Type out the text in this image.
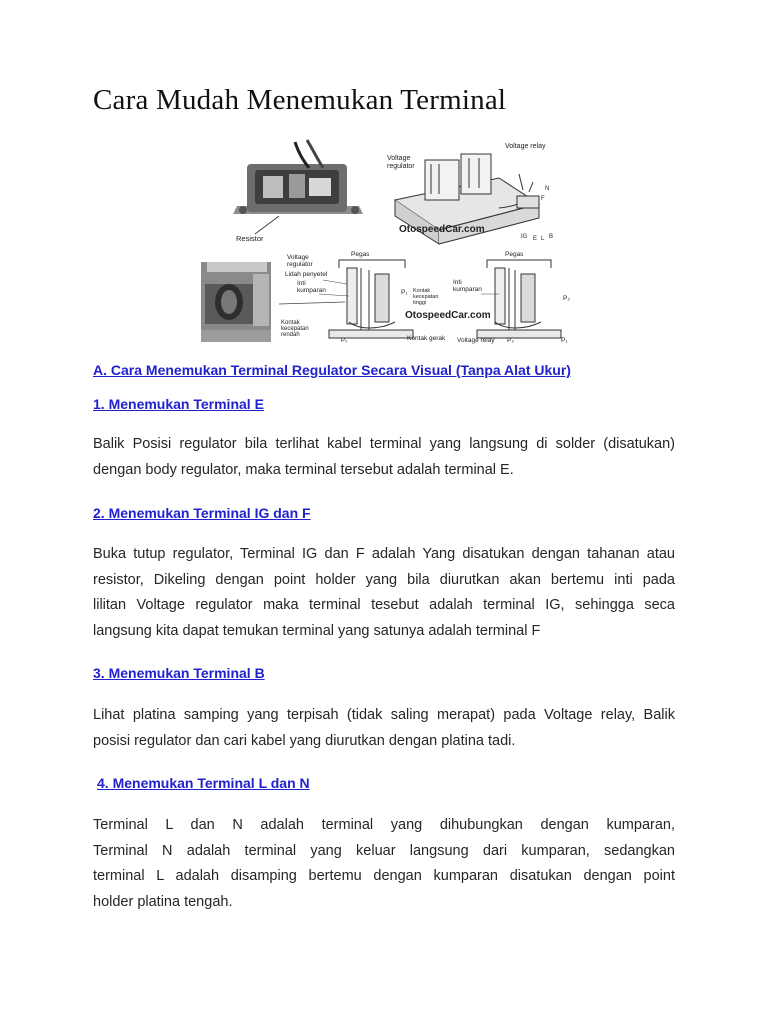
Cara Mudah Menemukan Terminal
Resistor
Voltage
regulator
Voltage relay
OtospeedCar.com
IG E L B
N
F
Voltage
regulator
Lidah penyetel
Inti
kumparan
Pegas
P₁ Kontak
kecepatan
tinggi
Kontak
kecepatan
rendah
P₀
OtospeedCar.com
Kontak gerak
Pegas
Inti
kumparan
P₂
Voltage relay P₂	P₁
A. Cara Menemukan Terminal Regulator Secara Visual (Tanpa Alat Ukur)
1. Menemukan Terminal E

Balik Posisi regulator bila terlihat kabel terminal yang langsung di solder (disatukan)
dengan body regulator, maka terminal tersebut adalah terminal E.

2. Menemukan Terminal IG dan F

Buka tutup regulator, Terminal IG dan F adalah Yang disatukan dengan tahanan atau
resistor, Dikeling dengan point holder yang bila diurutkan akan bertemu inti pada
lilitan Voltage regulator maka terminal tesebut adalah terminal IG, sehingga seca
langsung kita dapat temukan terminal yang satunya adalah terminal F

3. Menemukan Terminal B

Lihat platina samping yang terpisah (tidak saling merapat) pada Voltage relay, Balik
posisi regulator dan cari kabel yang diurutkan dengan platina tadi.

4. Menemukan Terminal L dan N

Terminal L dan N adalah terminal yang dihubungkan dengan kumparan,
Terminal N adalah terminal yang keluar langsung dari kumparan, sedangkan
terminal L adalah disamping bertemu dengan kumparan disatukan dengan point
holder platina tengah.
